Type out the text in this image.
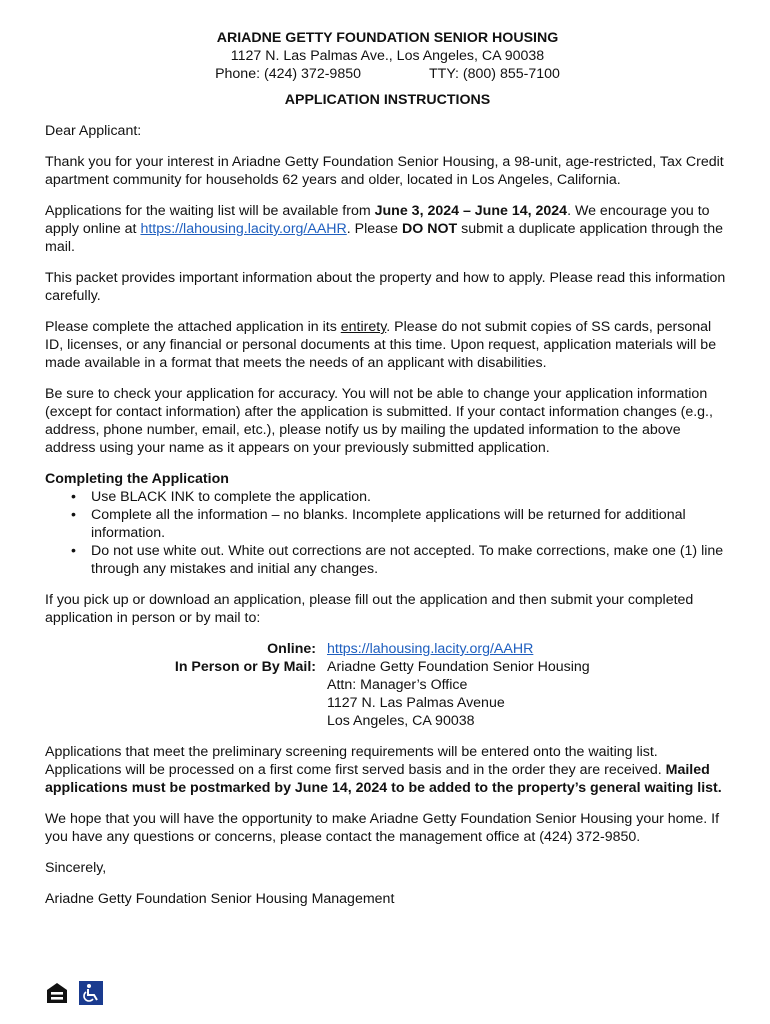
ARIADNE GETTY FOUNDATION SENIOR HOUSING
1127 N. Las Palmas Ave., Los Angeles, CA 90038
Phone: (424) 372-9850	TTY: (800) 855-7100
APPLICATION INSTRUCTIONS

Dear Applicant:

Thank you for your interest in Ariadne Getty Foundation Senior Housing, a 98-unit, age-restricted, Tax Credit apartment community for households 62 years and older, located in Los Angeles, California.

Applications for the waiting list will be available from June 3, 2024 – June 14, 2024. We encourage you to apply online at https://lahousing.lacity.org/AAHR. Please DO NOT submit a duplicate application through the mail.

This packet provides important information about the property and how to apply. Please read this information carefully.

Please complete the attached application in its entirety. Please do not submit copies of SS cards, personal ID, licenses, or any financial or personal documents at this time. Upon request, application materials will be made available in a format that meets the needs of an applicant with disabilities.

Be sure to check your application for accuracy. You will not be able to change your application information (except for contact information) after the application is submitted. If your contact information changes (e.g., address, phone number, email, etc.), please notify us by mailing the updated information to the above address using your name as it appears on your previously submitted application.

Completing the Application
• Use BLACK INK to complete the application.
• Complete all the information – no blanks. Incomplete applications will be returned for additional information.
• Do not use white out. White out corrections are not accepted. To make corrections, make one (1) line through any mistakes and initial any changes.

If you pick up or download an application, please fill out the application and then submit your completed application in person or by mail to:

Online: https://lahousing.lacity.org/AAHR
In Person or By Mail: Ariadne Getty Foundation Senior Housing
Attn: Manager’s Office
1127 N. Las Palmas Avenue
Los Angeles, CA 90038

Applications that meet the preliminary screening requirements will be entered onto the waiting list. Applications will be processed on a first come first served basis and in the order they are received. Mailed applications must be postmarked by June 14, 2024 to be added to the property’s general waiting list.

We hope that you will have the opportunity to make Ariadne Getty Foundation Senior Housing your home. If you have any questions or concerns, please contact the management office at (424) 372-9850.

Sincerely,

Ariadne Getty Foundation Senior Housing Management
